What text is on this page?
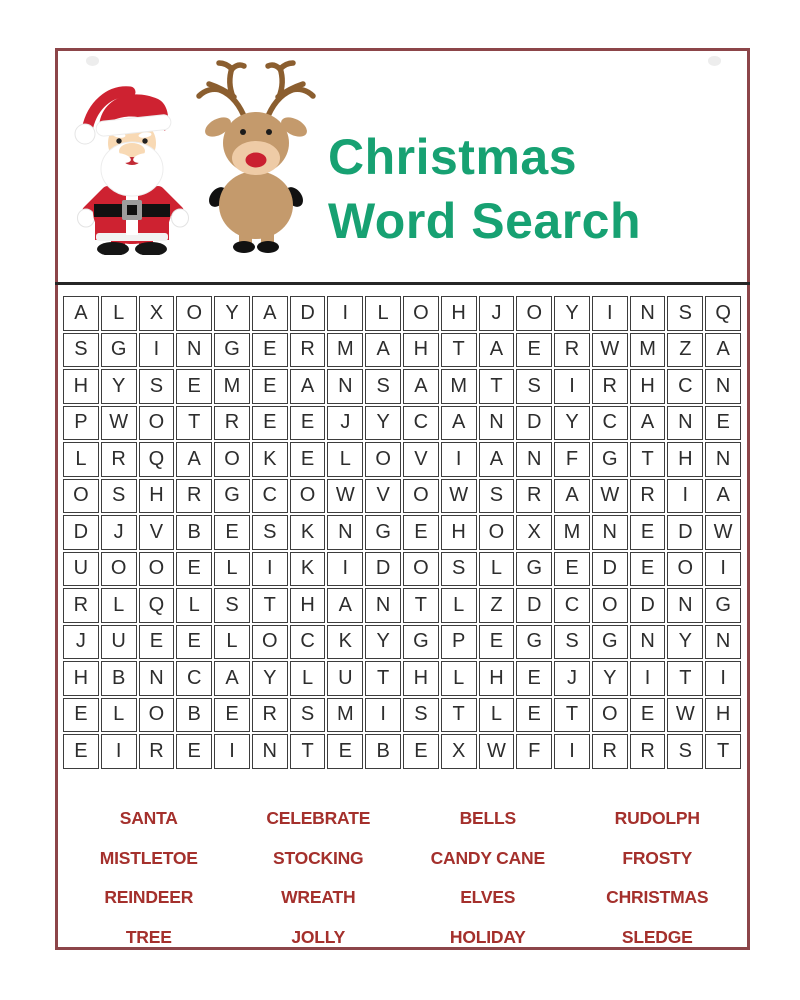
Christmas
Word Search
A	L	X	O	Y	A	D	I	L	O	H	J	O	Y	I	N	S	Q
S	G	I	N	G	E	R	M	A	H	T	A	E	R	W	M	Z	A
H	Y	S	E	M	E	A	N	S	A	M	T	S	I	R	H	C	N
P	W	O	T	R	E	E	J	Y	C	A	N	D	Y	C	A	N	E
L	R	Q	A	O	K	E	L	O	V	I	A	N	F	G	T	H	N
O	S	H	R	G	C	O	W	V	O	W	S	R	A	W	R	I	A
D	J	V	B	E	S	K	N	G	E	H	O	X	M	N	E	D	W
U	O	O	E	L	I	K	I	D	O	S	L	G	E	D	E	O	I
R	L	Q	L	S	T	H	A	N	T	L	Z	D	C	O	D	N	G
J	U	E	E	L	O	C	K	Y	G	P	E	G	S	G	N	Y	N
H	B	N	C	A	Y	L	U	T	H	L	H	E	J	Y	I	T	I
E	L	O	B	E	R	S	M	I	S	T	L	E	T	O	E	W	H
E	I	R	E	I	N	T	E	B	E	X	W	F	I	R	R	S	T
SANTA	CELEBRATE	BELLS	RUDOLPH
MISTLETOE	STOCKING	CANDY CANE	FROSTY
REINDEER	WREATH	ELVES	CHRISTMAS
TREE	JOLLY	HOLIDAY	SLEDGE
